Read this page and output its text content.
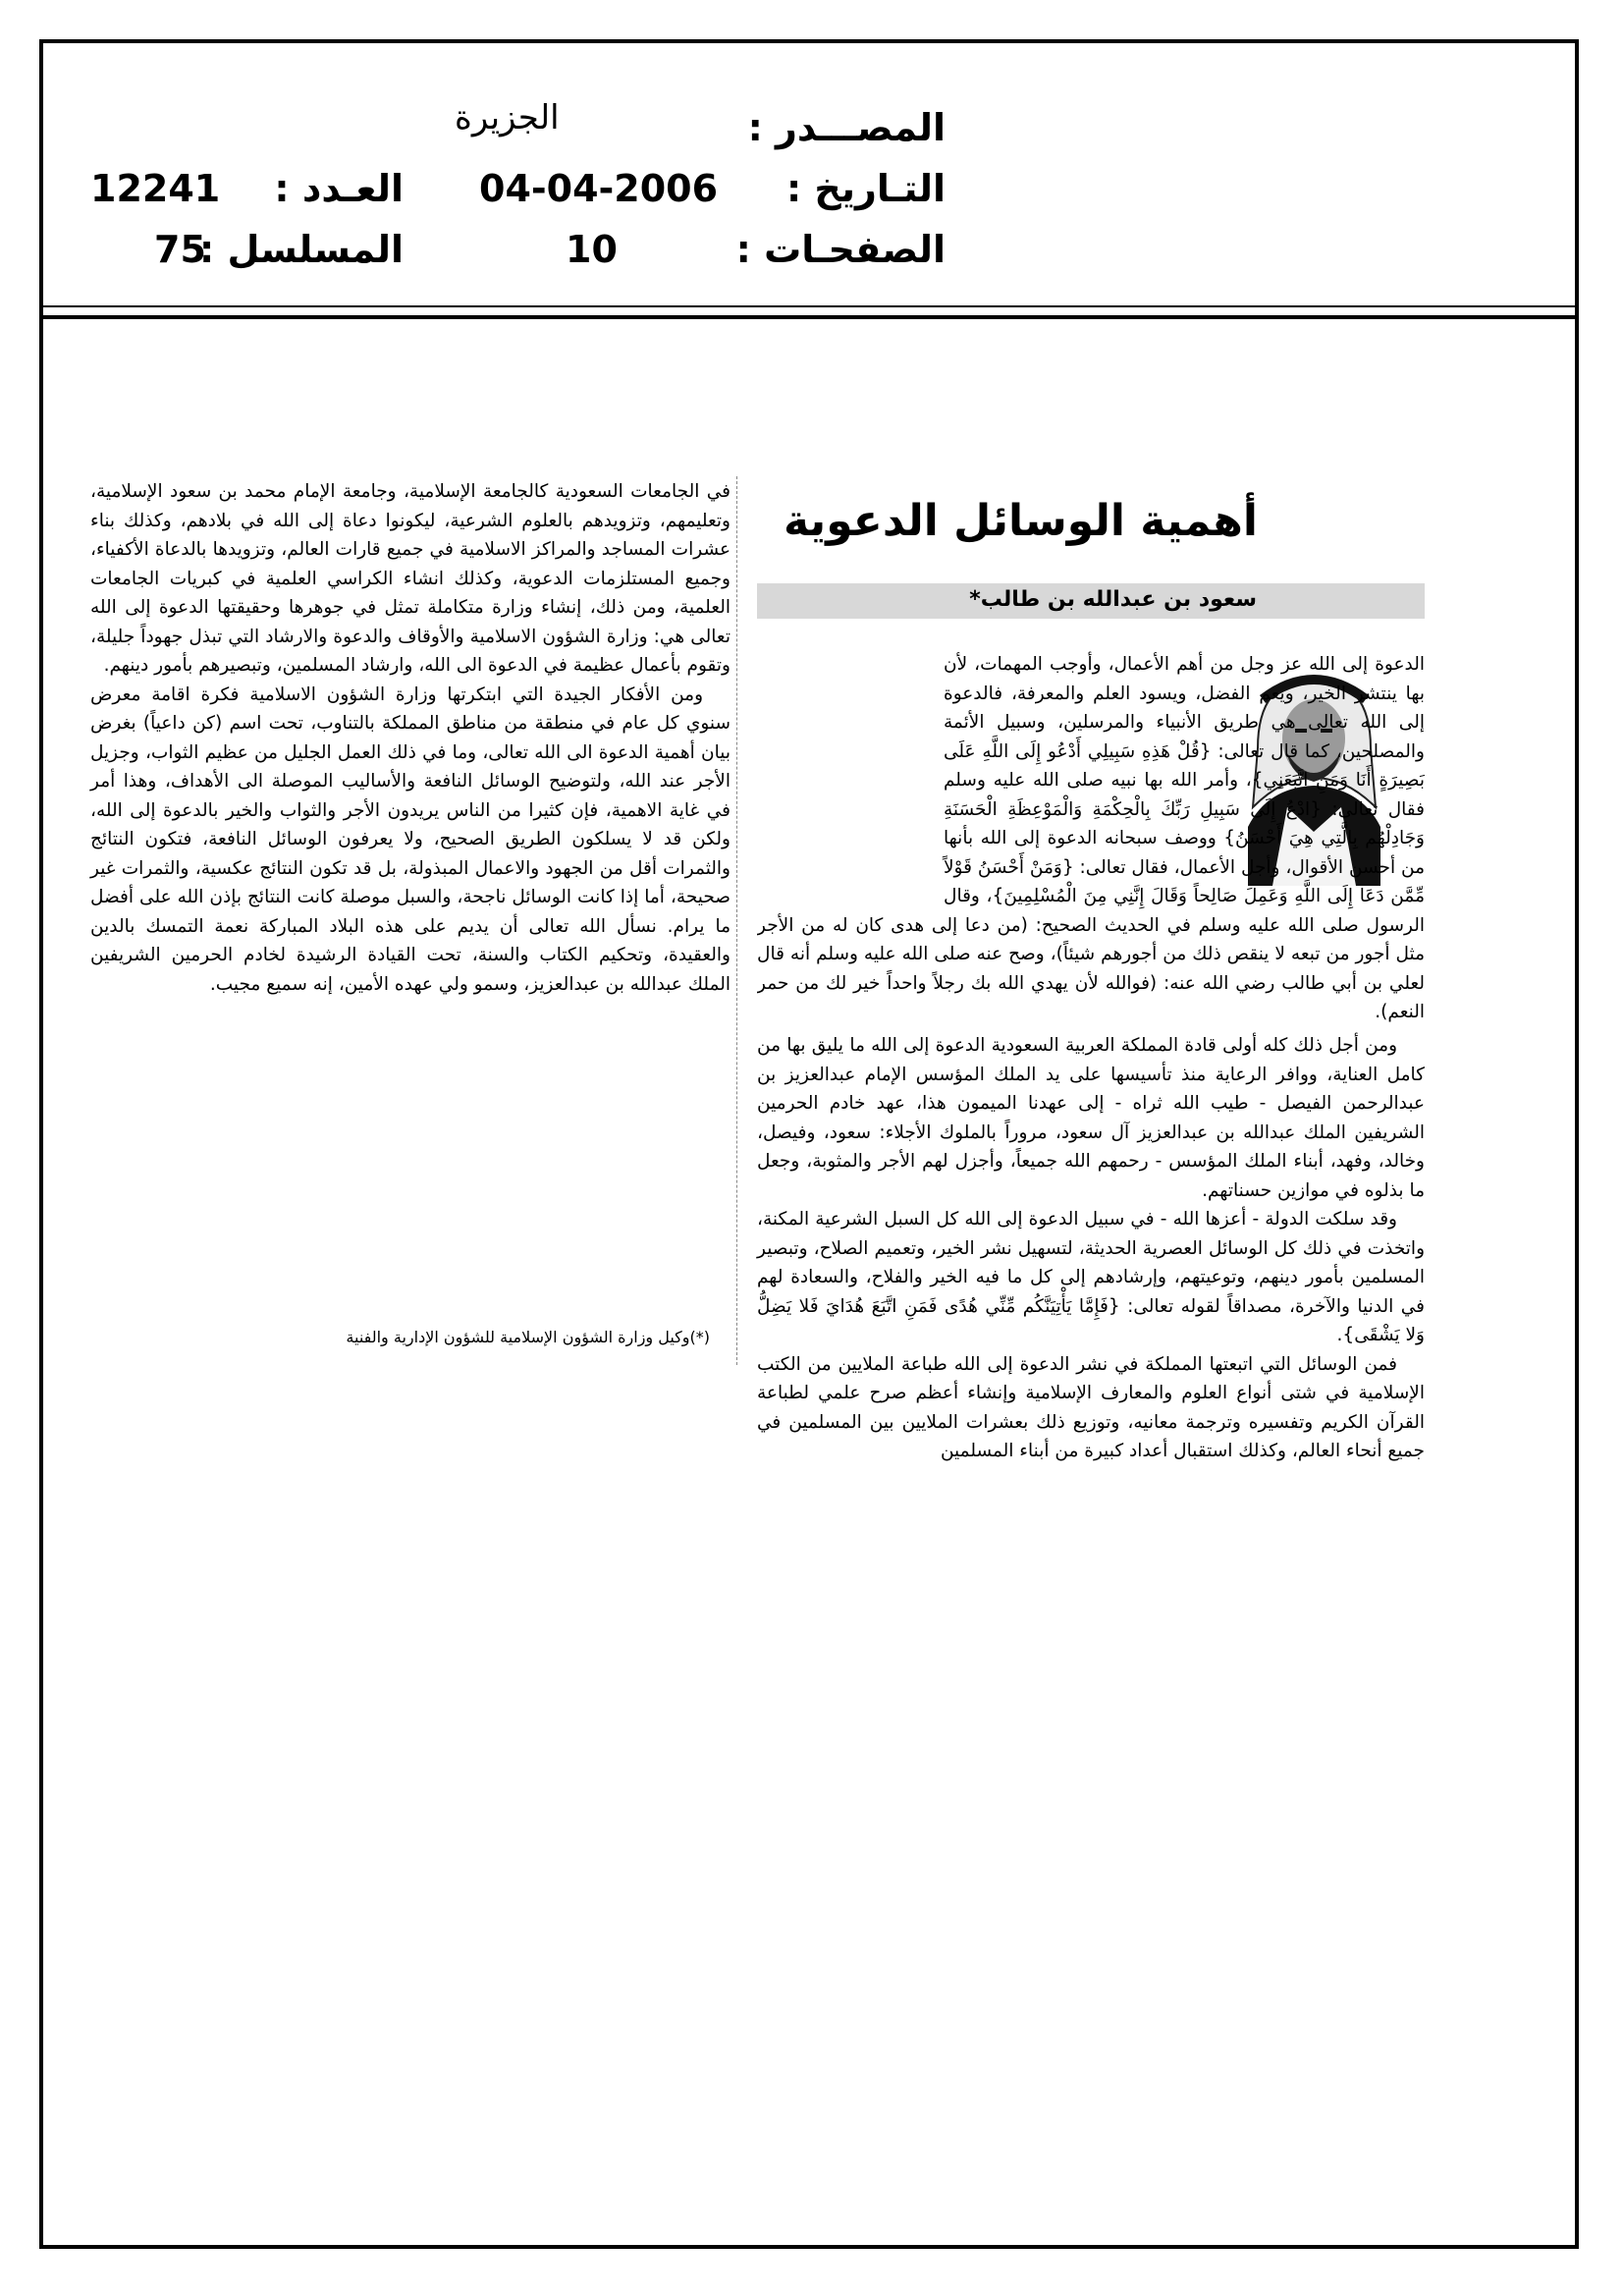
المصـــدر :
الجزيرة
التـاريخ :
04-04-2006
العـدد :
12241
الصفحـات :
10
المسلسل :
75
أهمية الوسائل الدعوية
سعود بن عبدالله بن طالب*

الدعوة إلى الله عز وجل من أهم الأعمال، وأوجب المهمات، لأن بها ينتشر الخير، ويعم الفضل، ويسود العلم والمعرفة، فالدعوة إلى الله تعالى هي طريق الأنبياء والمرسلين، وسبيل الأئمة والمصلحين، كما قال تعالى: {قُلْ هَذِهِ سَبِيلِي أَدْعُو إِلَى اللَّهِ عَلَى بَصِيرَةٍ أَنَا وَمَنِ اتَّبَعَنِي}، وأمر الله بها نبيه صلى الله عليه وسلم فقال تعالى: {ادْعُ إِلَى سَبِيلِ رَبِّكَ بِالْحِكْمَةِ وَالْمَوْعِظَةِ الْحَسَنَةِ وَجَادِلْهُم بِالَّتِي هِيَ أَحْسَنُ} ووصف سبحانه الدعوة إلى الله بأنها من أحسن الأقوال، وأجل الأعمال، فقال تعالى: {وَمَنْ أَحْسَنُ قَوْلاً مِّمَّن دَعَا إِلَى اللَّهِ وَعَمِلَ صَالِحاً وَقَالَ إِنَّنِي مِنَ الْمُسْلِمِينَ}، وقال الرسول صلى الله عليه وسلم في الحديث الصحيح: (من دعا إلى هدى كان له من الأجر مثل أجور من تبعه لا ينقص ذلك من أجورهم شيئاً)، وصح عنه صلى الله عليه وسلم أنه قال لعلي بن أبي طالب رضي الله عنه: (فوالله لأن يهدي الله بك رجلاً واحداً خير لك من حمر النعم).

ومن أجل ذلك كله أولى قادة المملكة العربية السعودية الدعوة إلى الله ما يليق بها من كامل العناية، ووافر الرعاية منذ تأسيسها على يد الملك المؤسس الإمام عبدالعزيز بن عبدالرحمن الفيصل - طيب الله ثراه - إلى عهدنا الميمون هذا، عهد خادم الحرمين الشريفين الملك عبدالله بن عبدالعزيز آل سعود، مروراً بالملوك الأجلاء: سعود، وفيصل، وخالد، وفهد، أبناء الملك المؤسس - رحمهم الله جميعاً، وأجزل لهم الأجر والمثوبة، وجعل ما بذلوه في موازين حسناتهم.

وقد سلكت الدولة - أعزها الله - في سبيل الدعوة إلى الله كل السبل الشرعية المكنة، واتخذت في ذلك كل الوسائل العصرية الحديثة، لتسهيل نشر الخير، وتعميم الصلاح، وتبصير المسلمين بأمور دينهم، وتوعيتهم، وإرشادهم إلى كل ما فيه الخير والفلاح، والسعادة لهم في الدنيا والآخرة، مصداقاً لقوله تعالى: {فَإِمَّا يَأْتِيَنَّكُم مِّنِّي هُدًى فَمَنِ اتَّبَعَ هُدَايَ فَلا يَضِلُّ وَلا يَشْقَى}.

فمن الوسائل التي اتبعتها المملكة في نشر الدعوة إلى الله طباعة الملايين من الكتب الإسلامية في شتى أنواع العلوم والمعارف الإسلامية وإنشاء أعظم صرح علمي لطباعة القرآن الكريم وتفسيره وترجمة معانيه، وتوزيع ذلك بعشرات الملايين بين المسلمين في جميع أنحاء العالم، وكذلك استقبال أعداد كبيرة من أبناء المسلمين

في الجامعات السعودية كالجامعة الإسلامية، وجامعة الإمام محمد بن سعود الإسلامية، وتعليمهم، وتزويدهم بالعلوم الشرعية، ليكونوا دعاة إلى الله في بلادهم، وكذلك بناء عشرات المساجد والمراكز الاسلامية في جميع قارات العالم، وتزويدها بالدعاة الأكفياء، وجميع المستلزمات الدعوية، وكذلك انشاء الكراسي العلمية في كبريات الجامعات العلمية، ومن ذلك، إنشاء وزارة متكاملة تمثل في جوهرها وحقيقتها الدعوة إلى الله تعالى هي: وزارة الشؤون الاسلامية والأوقاف والدعوة والارشاد التي تبذل جهوداً جليلة، وتقوم بأعمال عظيمة في الدعوة الى الله، وارشاد المسلمين، وتبصيرهم بأمور دينهم.

ومن الأفكار الجيدة التي ابتكرتها وزارة الشؤون الاسلامية فكرة اقامة معرض سنوي كل عام في منطقة من مناطق المملكة بالتناوب، تحت اسم (كن داعياً) بغرض بيان أهمية الدعوة الى الله تعالى، وما في ذلك العمل الجليل من عظيم الثواب، وجزيل الأجر عند الله، ولتوضيح الوسائل النافعة والأساليب الموصلة الى الأهداف، وهذا أمر في غاية الاهمية، فإن كثيرا من الناس يريدون الأجر والثواب والخير بالدعوة إلى الله، ولكن قد لا يسلكون الطريق الصحيح، ولا يعرفون الوسائل النافعة، فتكون النتائج والثمرات أقل من الجهود والاعمال المبذولة، بل قد تكون النتائج عكسية، والثمرات غير صحيحة، أما إذا كانت الوسائل ناجحة، والسبل موصلة كانت النتائج بإذن الله على أفضل ما يرام. نسأل الله تعالى أن يديم على هذه البلاد المباركة نعمة التمسك بالدين والعقيدة، وتحكيم الكتاب والسنة، تحت القيادة الرشيدة لخادم الحرمين الشريفين الملك عبدالله بن عبدالعزيز، وسمو ولي عهده الأمين، إنه سميع مجيب.

(*)وكيل وزارة الشؤون الإسلامية للشؤون الإدارية والفنية
